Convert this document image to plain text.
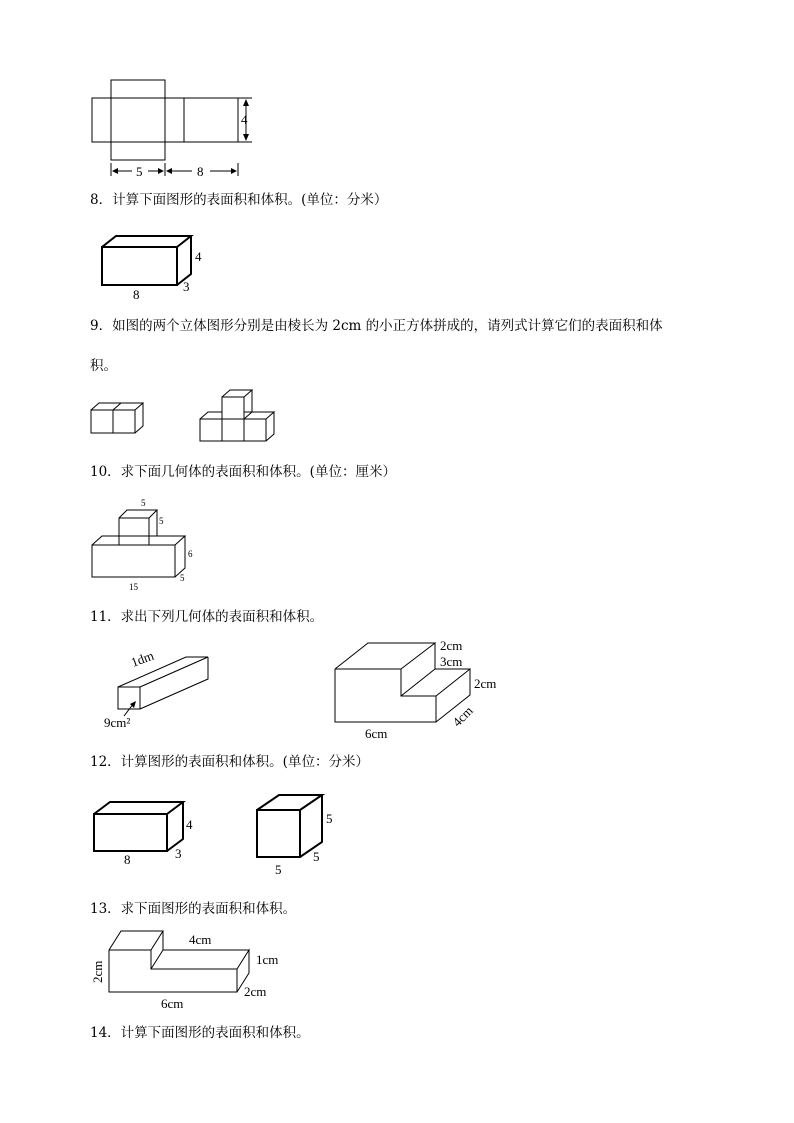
4
5	8
8．计算下面图形的表面积和体积。(单位：分米）
4
8
3
9．如图的两个立体图形分别是由棱长为 2cm 的小正方体拼成的，请列式计算它们的表面积和体
积。
10．求下面几何体的表面积和体积。(单位：厘米）
5
5
6
15
5
11．求出下列几何体的表面积和体积。
1dm
9cm²
2cm
3cm
2cm
4cm
6cm
12．计算图形的表面积和体积。(单位：分米）
4
8	3
5
5
5
13．求下面图形的表面积和体积。
2cm
4cm
1cm
2cm
6cm
14．计算下面图形的表面积和体积。
